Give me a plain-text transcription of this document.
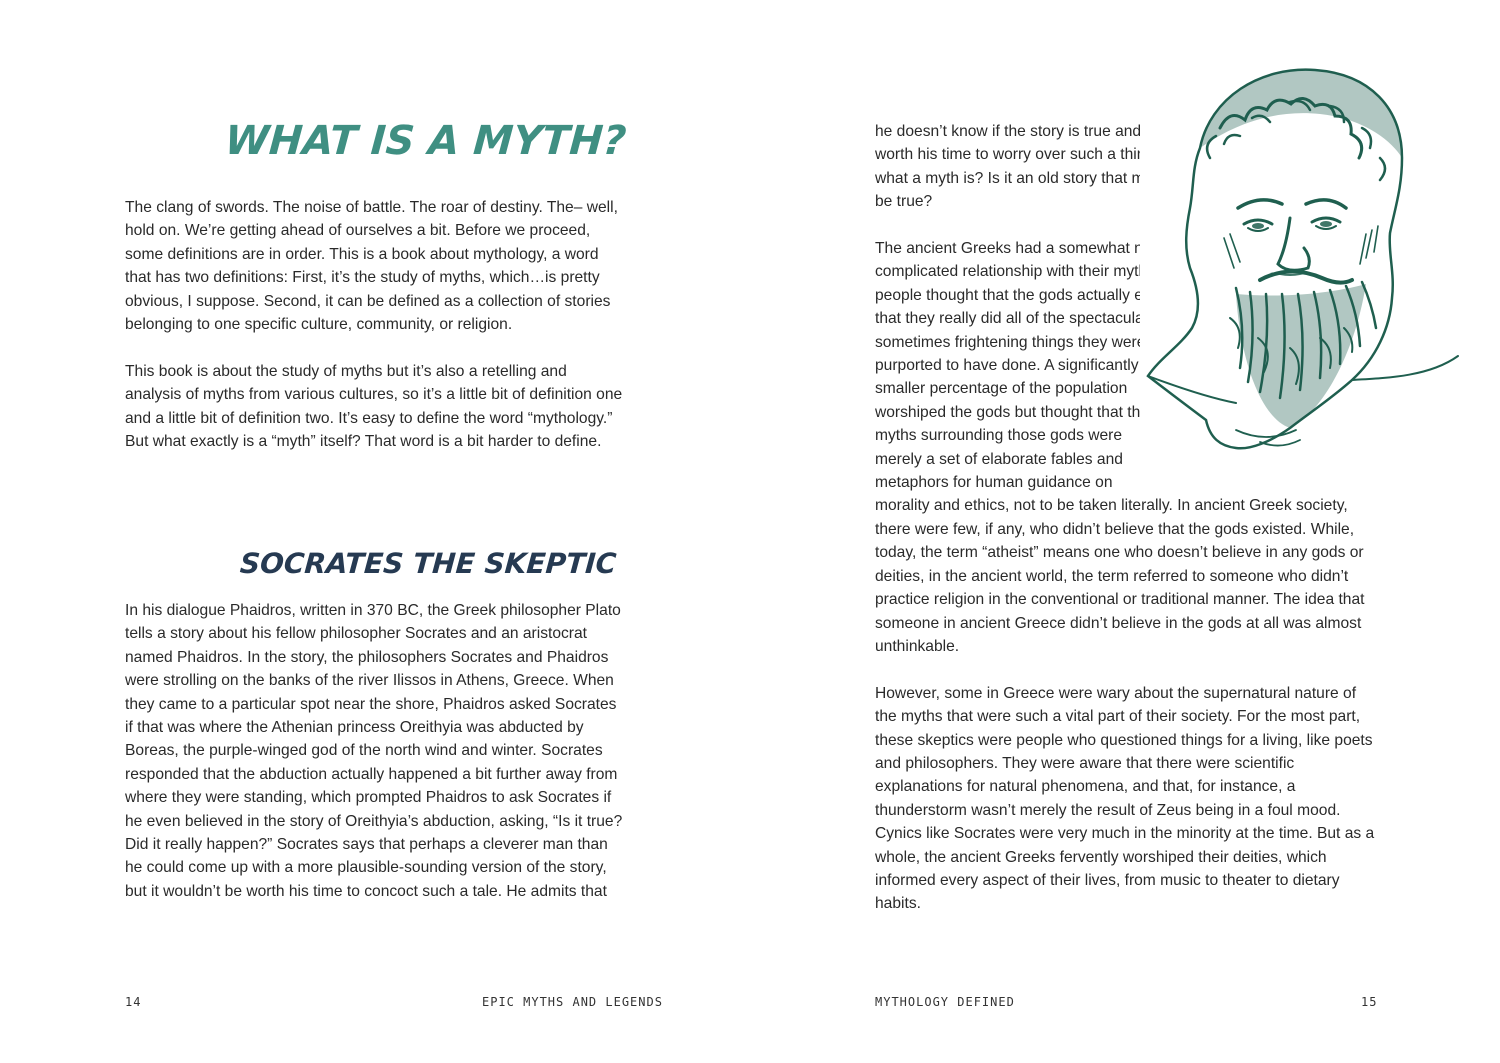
WHAT IS A MYTH?

The clang of swords. The noise of battle. The roar of destiny. The– well, hold on. We’re getting ahead of ourselves a bit. Before we proceed, some definitions are in order. This is a book about mythology, a word that has two definitions: First, it’s the study of myths, which…is pretty obvious, I suppose. Second, it can be defined as a collection of stories belonging to one specific culture, community, or religion.

This book is about the study of myths but it’s also a retelling and analysis of myths from various cultures, so it’s a little bit of definition one and a little bit of definition two. It’s easy to define the word “mythology.” But what exactly is a “myth” itself? That word is a bit harder to define.

SOCRATES THE SKEPTIC

In his dialogue Phaidros, written in 370 BC, the Greek philosopher Plato tells a story about his fellow philosopher Socrates and an aristocrat named Phaidros. In the story, the philosophers Socrates and Phaidros were strolling on the banks of the river Ilissos in Athens, Greece. When they came to a particular spot near the shore, Phaidros asked Socrates if that was where the Athenian princess Oreithyia was abducted by Boreas, the purple-winged god of the north wind and winter. Socrates responded that the abduction actually happened a bit further away from where they were standing, which prompted Phaidros to ask Socrates if he even believed in the story of Oreithyia’s abduction, asking, “Is it true? Did it really happen?” Socrates says that perhaps a cleverer man than he could come up with a more plausible-sounding version of the story, but it wouldn’t be worth his time to concoct such a tale. He admits that

14	EPIC MYTHS AND LEGENDS	MYTHOLOGY DEFINED	15

he doesn’t know if the story is true and doesn’t think it’s worth his time to worry over such a thing. So, is that what a myth is? Is it an old story that may or may not be true?

The ancient Greeks had a somewhat nuanced and complicated relationship with their myths. Most people thought that the gods actually existed and that they really did all of the spectacular and sometimes frightening things they were purported to have done. A significantly smaller percentage of the population worshiped the gods but thought that the myths surrounding those gods were merely a set of elaborate fables and metaphors for human guidance on morality and ethics, not to be taken literally. In ancient Greek society, there were few, if any, who didn’t believe that the gods existed. While, today, the term “atheist” means one who doesn’t believe in any gods or deities, in the ancient world, the term referred to someone who didn’t practice religion in the conventional or traditional manner. The idea that someone in ancient Greece didn’t believe in the gods at all was almost unthinkable.

However, some in Greece were wary about the supernatural nature of the myths that were such a vital part of their society. For the most part, these skeptics were people who questioned things for a living, like poets and philosophers. They were aware that there were scientific explanations for natural phenomena, and that, for instance, a thunderstorm wasn’t merely the result of Zeus being in a foul mood. Cynics like Socrates were very much in the minority at the time. But as a whole, the ancient Greeks fervently worshiped their deities, which informed every aspect of their lives, from music to theater to dietary habits.
